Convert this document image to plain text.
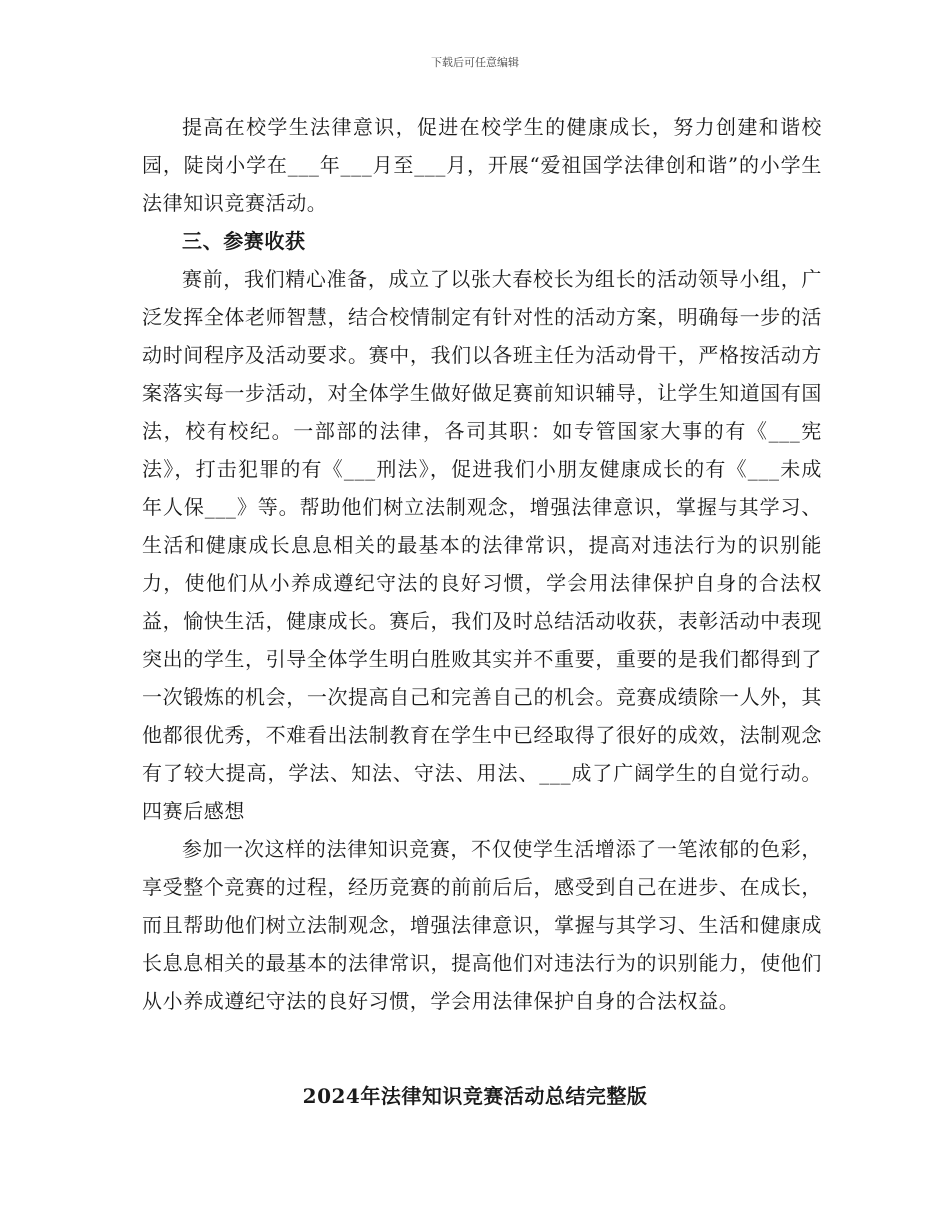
下载后可任意编辑

提高在校学生法律意识，促进在校学生的健康成长，努力创建和谐校园，陡岗小学在___年___月至___月，开展“爱祖国学法律创和谐”的小学生法律知识竞赛活动。

三、参赛收获

赛前，我们精心准备，成立了以张大春校长为组长的活动领导小组，广泛发挥全体老师智慧，结合校情制定有针对性的活动方案，明确每一步的活动时间程序及活动要求。赛中，我们以各班主任为活动骨干，严格按活动方案落实每一步活动，对全体学生做好做足赛前知识辅导，让学生知道国有国法，校有校纪。一部部的法律，各司其职：如专管国家大事的有《___宪法》，打击犯罪的有《___刑法》，促进我们小朋友健康成长的有《___未成年人保___》等。帮助他们树立法制观念，增强法律意识，掌握与其学习、生活和健康成长息息相关的最基本的法律常识，提高对违法行为的识别能力，使他们从小养成遵纪守法的良好习惯，学会用法律保护自身的合法权益，愉快生活，健康成长。赛后，我们及时总结活动收获，表彰活动中表现突出的学生，引导全体学生明白胜败其实并不重要，重要的是我们都得到了一次锻炼的机会，一次提高自己和完善自己的机会。竞赛成绩除一人外，其他都很优秀，不难看出法制教育在学生中已经取得了很好的成效，法制观念有了较大提高，学法、知法、守法、用法、___成了广阔学生的自觉行动。四赛后感想

参加一次这样的法律知识竞赛，不仅使学生活增添了一笔浓郁的色彩，享受整个竞赛的过程，经历竞赛的前前后后，感受到自己在进步、在成长，而且帮助他们树立法制观念，增强法律意识，掌握与其学习、生活和健康成长息息相关的最基本的法律常识，提高他们对违法行为的识别能力，使他们从小养成遵纪守法的良好习惯，学会用法律保护自身的合法权益。

2024年法律知识竞赛活动总结完整版
